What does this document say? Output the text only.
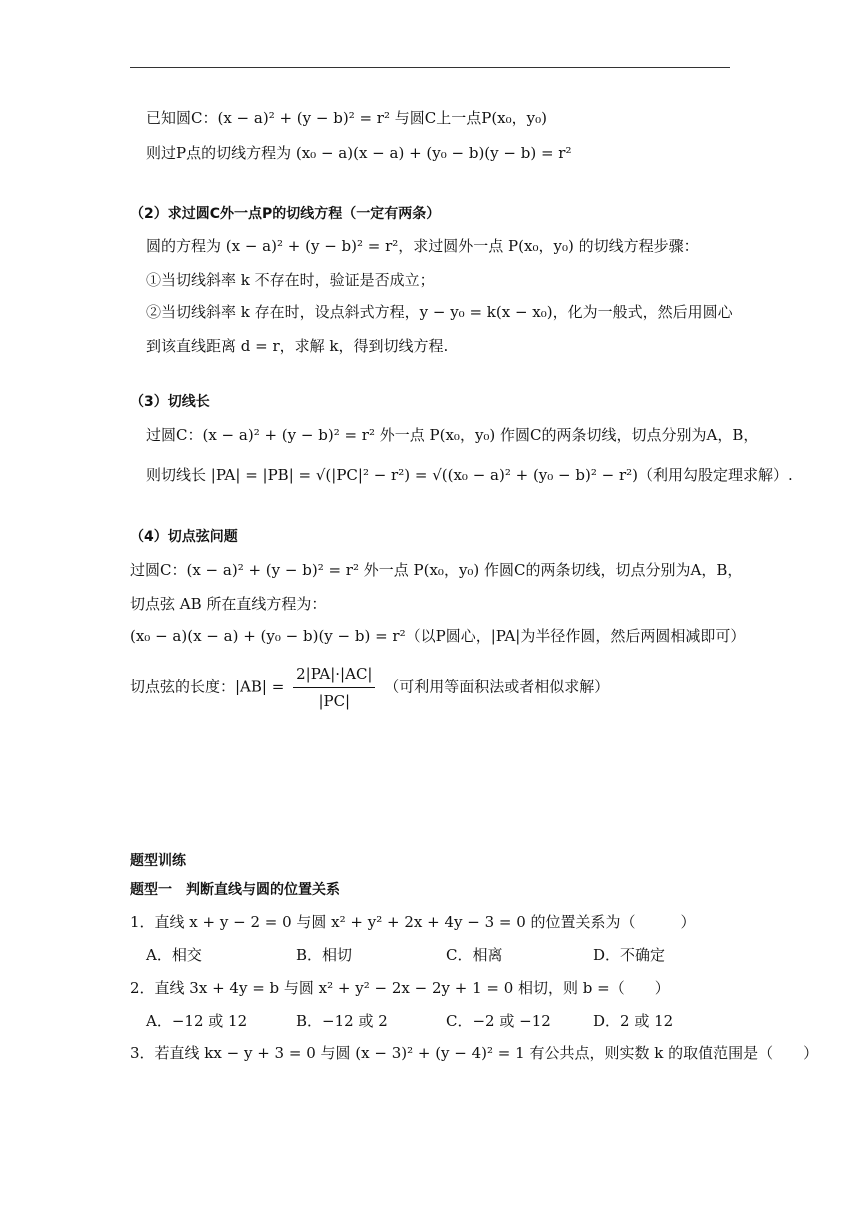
已知圆C：(x − a)² + (y − b)² = r² 与圆C上一点P(x₀，y₀)
则过P点的切线方程为 (x₀ − a)(x − a) + (y₀ − b)(y − b) = r²
（2）求过圆C外一点P的切线方程（一定有两条）
圆的方程为 (x − a)² + (y − b)² = r²，求过圆外一点 P(x₀，y₀) 的切线方程步骤：
①当切线斜率 k 不存在时，验证是否成立；
②当切线斜率 k 存在时，设点斜式方程，y − y₀ = k(x − x₀)，化为一般式，然后用圆心
到该直线距离 d = r，求解 k，得到切线方程.
（3）切线长
过圆C：(x − a)² + (y − b)² = r² 外一点 P(x₀，y₀) 作圆C的两条切线，切点分别为A，B，
则切线长 |PA| = |PB| = √(|PC|² − r²) = √((x₀ − a)² + (y₀ − b)² − r²)（利用勾股定理求解）.
（4）切点弦问题
过圆C：(x − a)² + (y − b)² = r² 外一点 P(x₀，y₀) 作圆C的两条切线，切点分别为A，B，
切点弦 AB 所在直线方程为：
(x₀ − a)(x − a) + (y₀ − b)(y − b) = r²（以P圆心，|PA|为半径作圆，然后两圆相减即可）
切点弦的长度：$|AB| = \frac{2|PA|\cdot|AC|}{|PC|}$ （可利用等面积法或者相似求解）
题型训练
题型一　判断直线与圆的位置关系
1．直线 x + y − 2 = 0 与圆 x² + y² + 2x + 4y − 3 = 0 的位置关系为（　　　）
A．相交	B．相切	C．相离	D．不确定
2．直线 3x + 4y = b 与圆 x² + y² − 2x − 2y + 1 = 0 相切，则 b =（　　）
A．−12 或 12	B．−12 或 2	C．−2 或 −12	D．2 或 12
3．若直线 kx − y + 3 = 0 与圆 (x − 3)² + (y − 4)² = 1 有公共点，则实数 k 的取值范围是（　　）
